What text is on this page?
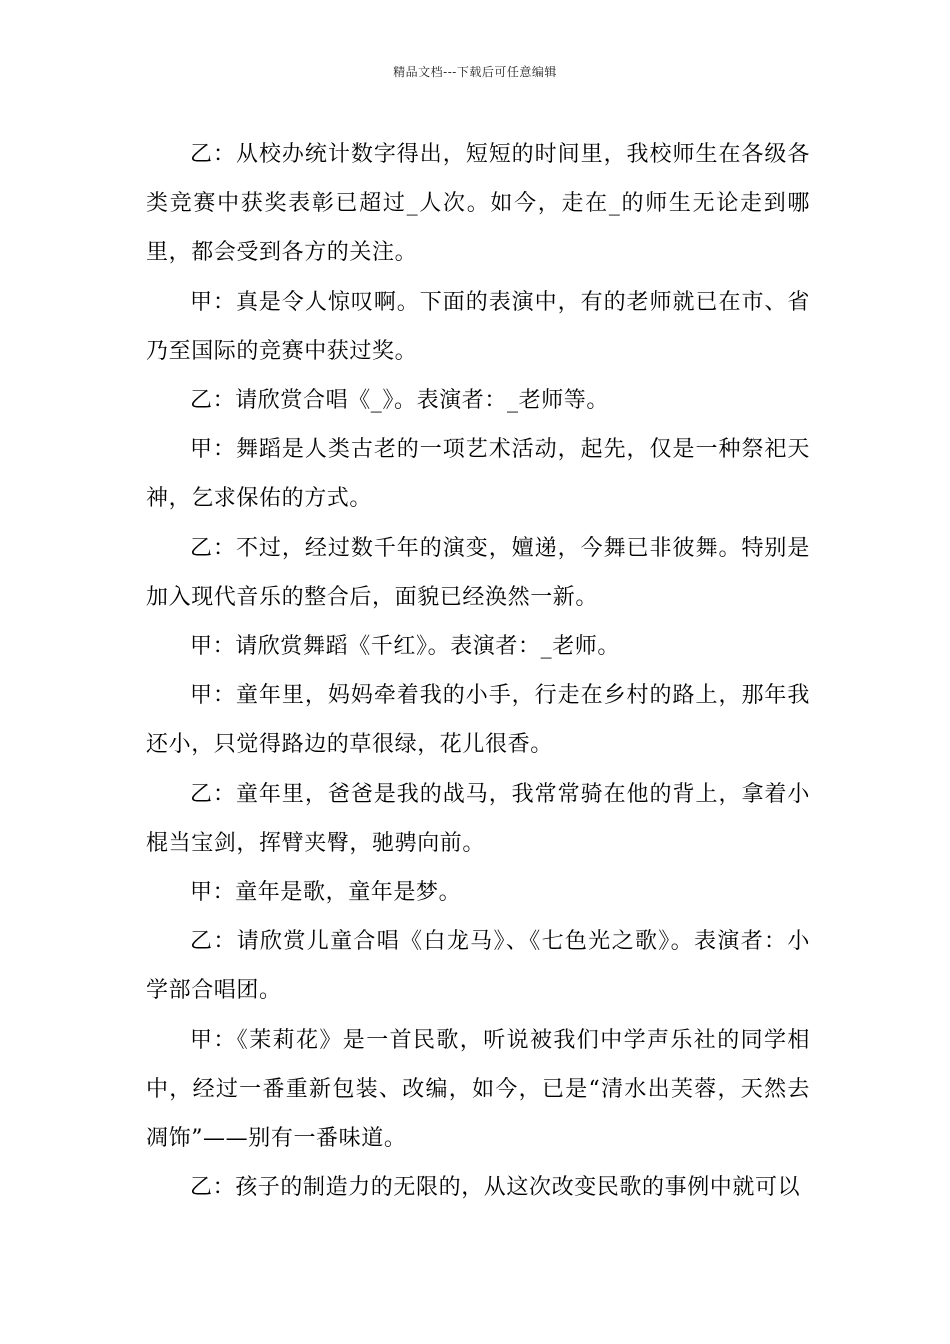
精品文档---下载后可任意编辑

乙：从校办统计数字得出，短短的时间里，我校师生在各级各类竞赛中获奖表彰已超过_人次。如今，走在_的师生无论走到哪里，都会受到各方的关注。

甲：真是令人惊叹啊。下面的表演中，有的老师就已在市、省乃至国际的竞赛中获过奖。

乙：请欣赏合唱《_》。表演者：_老师等。

甲：舞蹈是人类古老的一项艺术活动，起先，仅是一种祭祀天神，乞求保佑的方式。

乙：不过，经过数千年的演变，嬗递，今舞已非彼舞。特别是加入现代音乐的整合后，面貌已经涣然一新。

甲：请欣赏舞蹈《千红》。表演者：_老师。

甲：童年里，妈妈牵着我的小手，行走在乡村的路上，那年我还小，只觉得路边的草很绿，花儿很香。

乙：童年里，爸爸是我的战马，我常常骑在他的背上，拿着小棍当宝剑，挥臂夹臀，驰骋向前。

甲：童年是歌，童年是梦。

乙：请欣赏儿童合唱《白龙马》、《七色光之歌》。表演者：小学部合唱团。

甲：《茉莉花》是一首民歌，听说被我们中学声乐社的同学相中，经过一番重新包装、改编，如今，已是“清水出芙蓉，天然去凋饰”——别有一番味道。

乙：孩子的制造力的无限的，从这次改变民歌的事例中就可以
